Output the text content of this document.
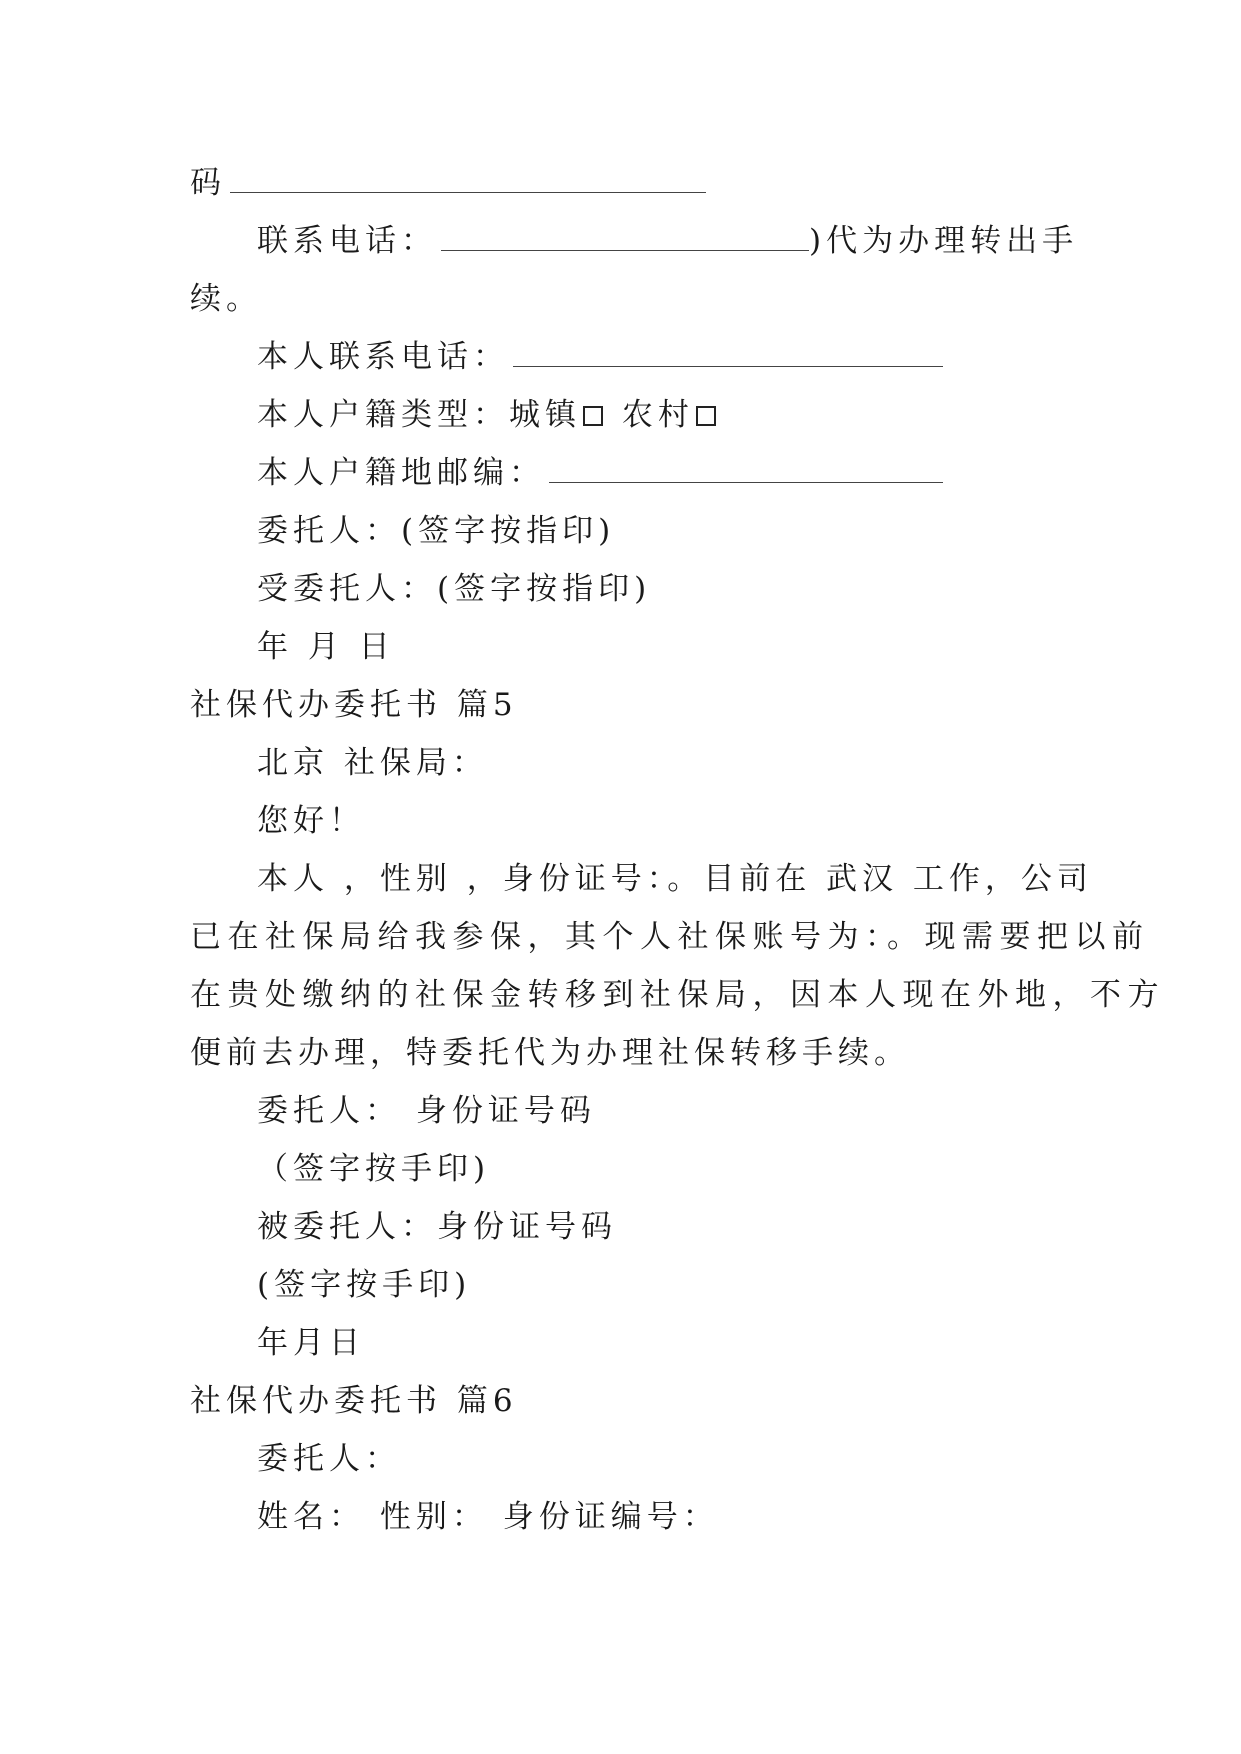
码
联系电话：	)代为办理转出手
续。
本人联系电话：
本人户籍类型：城镇 农村
本人户籍地邮编：
委托人：(签字按指印)
受委托人：(签字按指印)
年 月 日
社保代办委托书 篇5
北京 社保局：
您好！
本人 ，性别 ，身份证号：。目前在 武汉 工作，公司
已在社保局给我参保，其个人社保账号为：。现需要把以前
在贵处缴纳的社保金转移到社保局，因本人现在外地，不方
便前去办理，特委托代为办理社保转移手续。
委托人： 身份证号码
（签字按手印)
被委托人：身份证号码
(签字按手印)
年月日
社保代办委托书 篇6
委托人：
姓名： 性别： 身份证编号：
